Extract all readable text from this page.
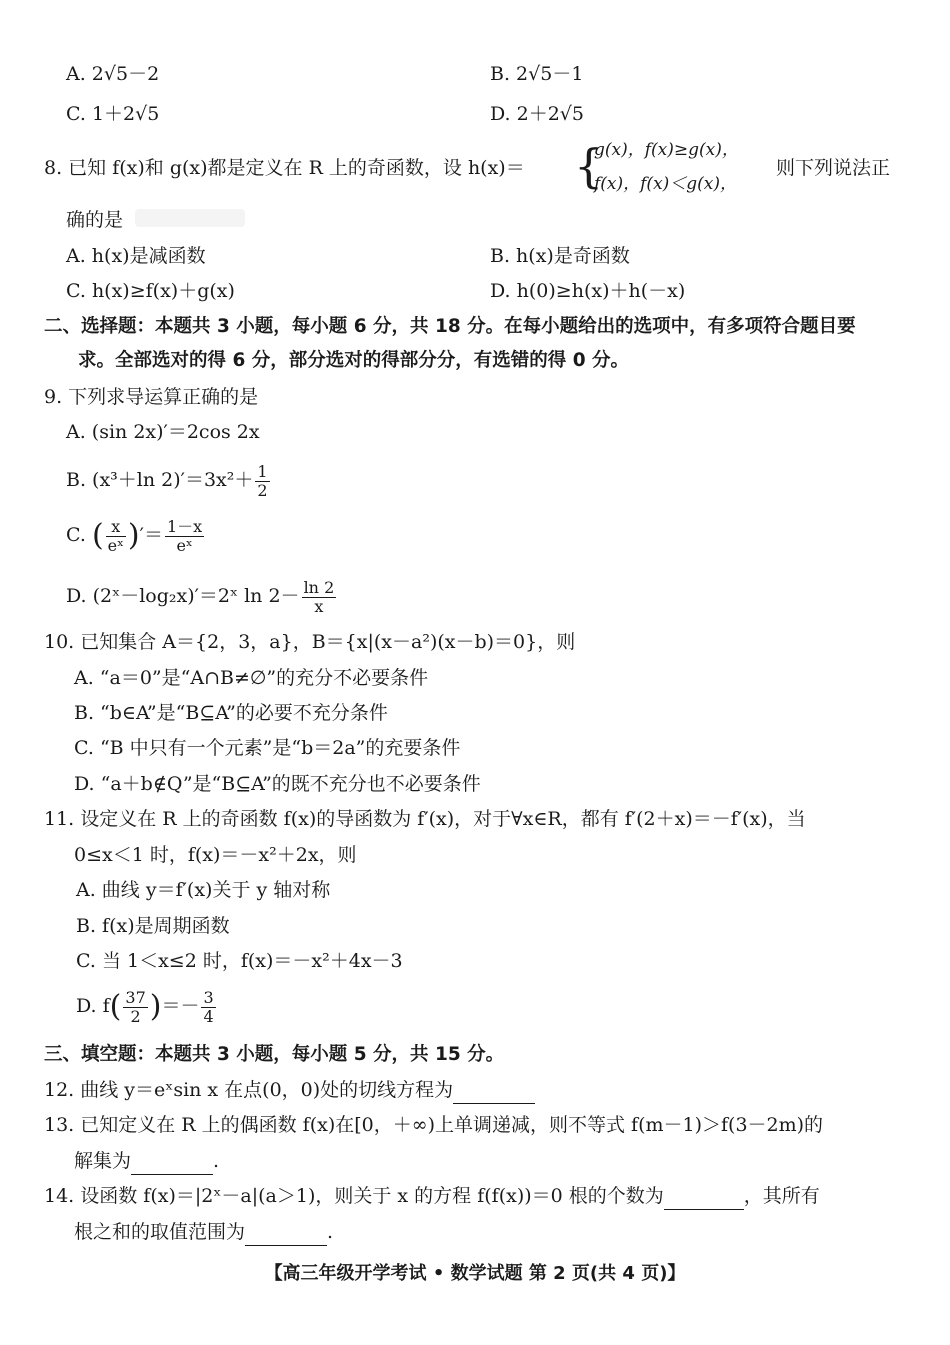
A. 2√5－2	B. 2√5－1
C. 1＋2√5	D. 2＋2√5
8. 已知 f(x)和 g(x)都是定义在 R 上的奇函数，设 h(x)＝ {
g(x)，f(x)≥g(x)，
f(x)，f(x)＜g(x)，
则下列说法正
确的是
A. h(x)是减函数	B. h(x)是奇函数
C. h(x)≥f(x)＋g(x)	D. h(0)≥h(x)＋h(－x)
二、选择题：本题共 3 小题，每小题 6 分，共 18 分。在每小题给出的选项中，有多项符合题目要
求。全部选对的得 6 分，部分选对的得部分分，有选错的得 0 分。
9. 下列求导运算正确的是
A. (sin 2x)′＝2cos 2x
B. (x³＋ln $2)'=3x^2+ \frac{1}{2}$
C. ( $\frac{x}{\text{eˣ}}$ )′＝ $\frac{1-x}{\text{eˣ}}$
D. (2ˣ－log₂x)′＝2ˣ $\ln 2- \frac{\ln 2}{x}$
10. 已知集合 A＝{2，3，a}，B＝{x|(x－a²)(x－b)＝0}，则
A. “a＝0”是“A∩B≠∅”的充分不必要条件
B. “b∈A”是“B⊆A”的必要不充分条件
C. “B 中只有一个元素”是“b＝2a”的充要条件
D. “a＋b∉Q”是“B⊆A”的既不充分也不必要条件
11. 设定义在 R 上的奇函数 f(x)的导函数为 f′(x)，对于∀x∈R，都有 f′(2＋x)＝－f′(x)，当
0≤x＜1 时，f(x)＝－x²＋2x，则
A. 曲线 y＝f′(x)关于 y 轴对称
B. f(x)是周期函数
C. 当 1＜x≤2 时，f(x)＝－x²＋4x－3
D. $f( \frac{37}{2}$ )＝－ $\frac{3}{4}$
三、填空题：本题共 3 小题，每小题 5 分，共 15 分。
12. 曲线 y＝eˣsin x 在点(0，0)处的切线方程为
13. 已知定义在 R 上的偶函数 f(x)在[0，＋∞)上单调递减，则不等式 f(m－1)＞f(3－2m)的
解集为	.
14. 设函数 f(x)＝|2ˣ－a|(a＞1)，则关于 x 的方程 f(f(x))＝0 根的个数为	，其所有
根之和的取值范围为	.
【高三年级开学考试 • 数学试题 第 2 页(共 4 页)】
